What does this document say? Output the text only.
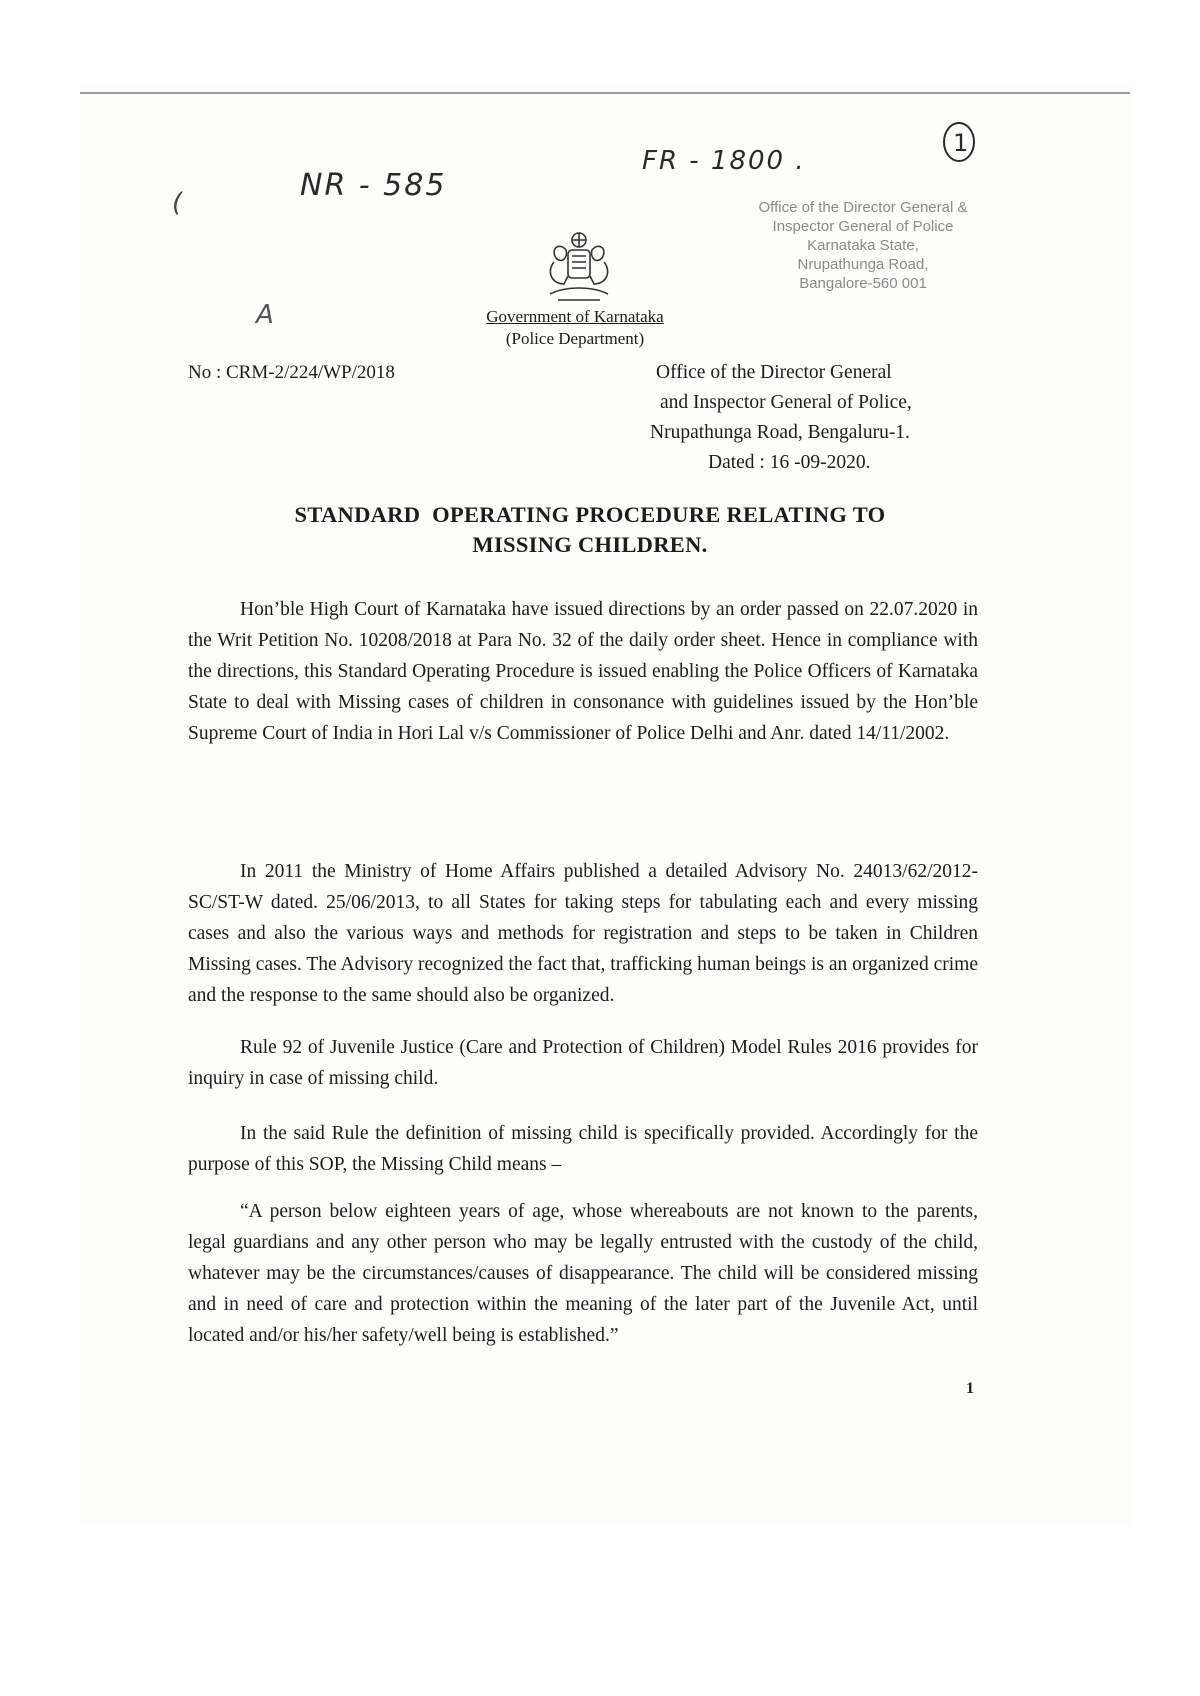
(	NR - 585
FR - 1800 .
1
A
Office of the Director General &
Inspector General of Police
Karnataka State,
Nrupathunga Road,
Bangalore-560 001
Government of Karnataka
(Police Department)
No : CRM-2/224/WP/2018	Office of the Director General
and Inspector General of Police,
Nrupathunga Road, Bengaluru-1.
Dated : 16 -09-2020.
STANDARD  OPERATING PROCEDURE RELATING TO
MISSING CHILDREN.

Hon’ble High Court of Karnataka have issued directions by an order passed on 22.07.2020 in the Writ Petition No. 10208/2018 at Para No. 32 of the daily order sheet. Hence in compliance with the directions, this Standard Operating Procedure is issued enabling the Police Officers of Karnataka State to deal with Missing cases of children in consonance with guidelines issued by the Hon’ble Supreme Court of India in Hori Lal v/s Commissioner of Police Delhi and Anr. dated 14/11/2002.

In 2011 the Ministry of Home Affairs published a detailed Advisory No. 24013/62/2012-SC/ST-W dated. 25/06/2013, to all States for taking steps for tabulating each and every missing cases and also the various ways and methods for registration and steps to be taken in Children Missing cases. The Advisory recognized the fact that, trafficking human beings is an organized crime and the response to the same should also be organized.

Rule 92 of Juvenile Justice (Care and Protection of Children) Model Rules 2016 provides for inquiry in case of missing child.

In the said Rule the definition of missing child is specifically provided. Accordingly for the purpose of this SOP, the Missing Child means –

“A person below eighteen years of age, whose whereabouts are not known to the parents, legal guardians and any other person who may be legally entrusted with the custody of the child, whatever may be the circumstances/causes of disappearance. The child will be considered missing and in need of care and protection within the meaning of the later part of the Juvenile Act, until located and/or his/her safety/well being is established.”

1
